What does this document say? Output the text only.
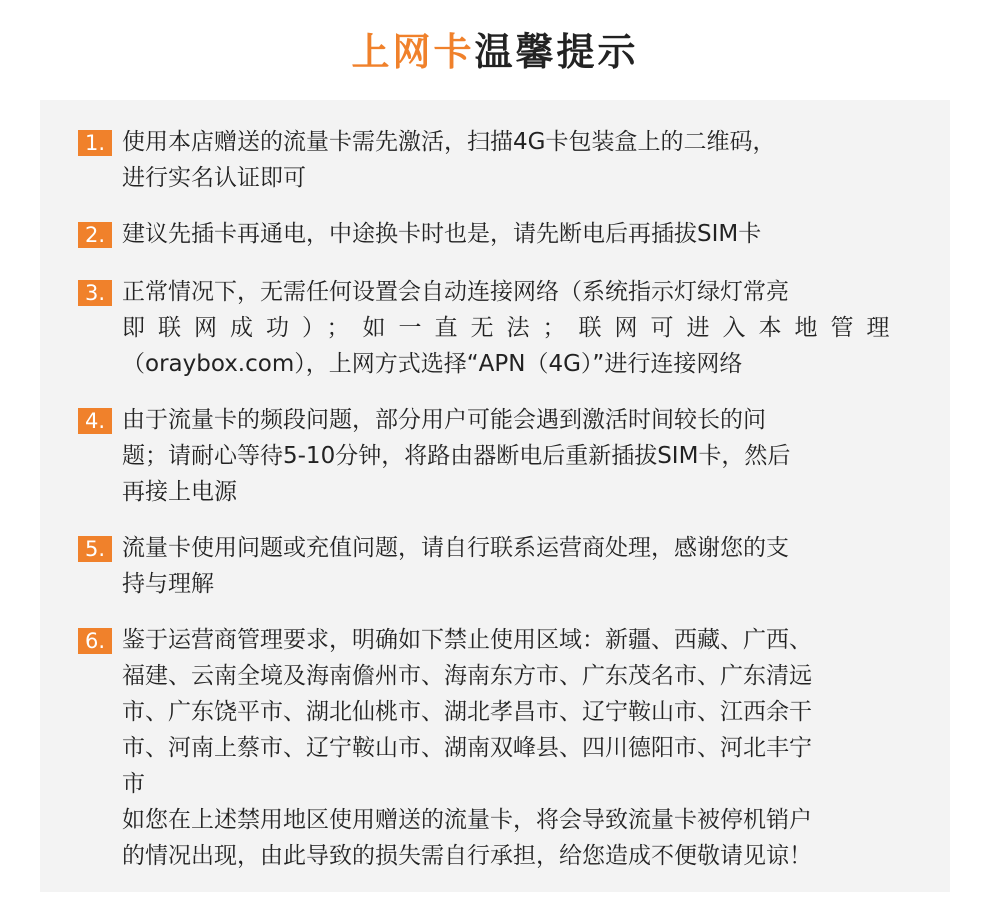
上网卡温馨提示
1. 使用本店赠送的流量卡需先激活，扫描4G卡包装盒上的二维码，
进行实名认证即可
2. 建议先插卡再通电，中途换卡时也是，请先断电后再插拔SIM卡
3. 正常情况下，无需任何设置会自动连接网络（系统指示灯绿灯常亮
即联网成功）；如一直无法；联网可进入本地管理
（oraybox.com），上网方式选择“APN（4G）”进行连接网络
4. 由于流量卡的频段问题，部分用户可能会遇到激活时间较长的问
题；请耐心等待5-10分钟，将路由器断电后重新插拔SIM卡，然后
再接上电源
5. 流量卡使用问题或充值问题，请自行联系运营商处理，感谢您的支
持与理解
6. 鉴于运营商管理要求，明确如下禁止使用区域：新疆、西藏、广西、
福建、云南全境及海南儋州市、海南东方市、广东茂名市、广东清远
市、广东饶平市、湖北仙桃市、湖北孝昌市、辽宁鞍山市、江西余干
市、河南上蔡市、辽宁鞍山市、湖南双峰县、四川德阳市、河北丰宁
市
如您在上述禁用地区使用赠送的流量卡，将会导致流量卡被停机销户
的情况出现，由此导致的损失需自行承担，给您造成不便敬请见谅！
